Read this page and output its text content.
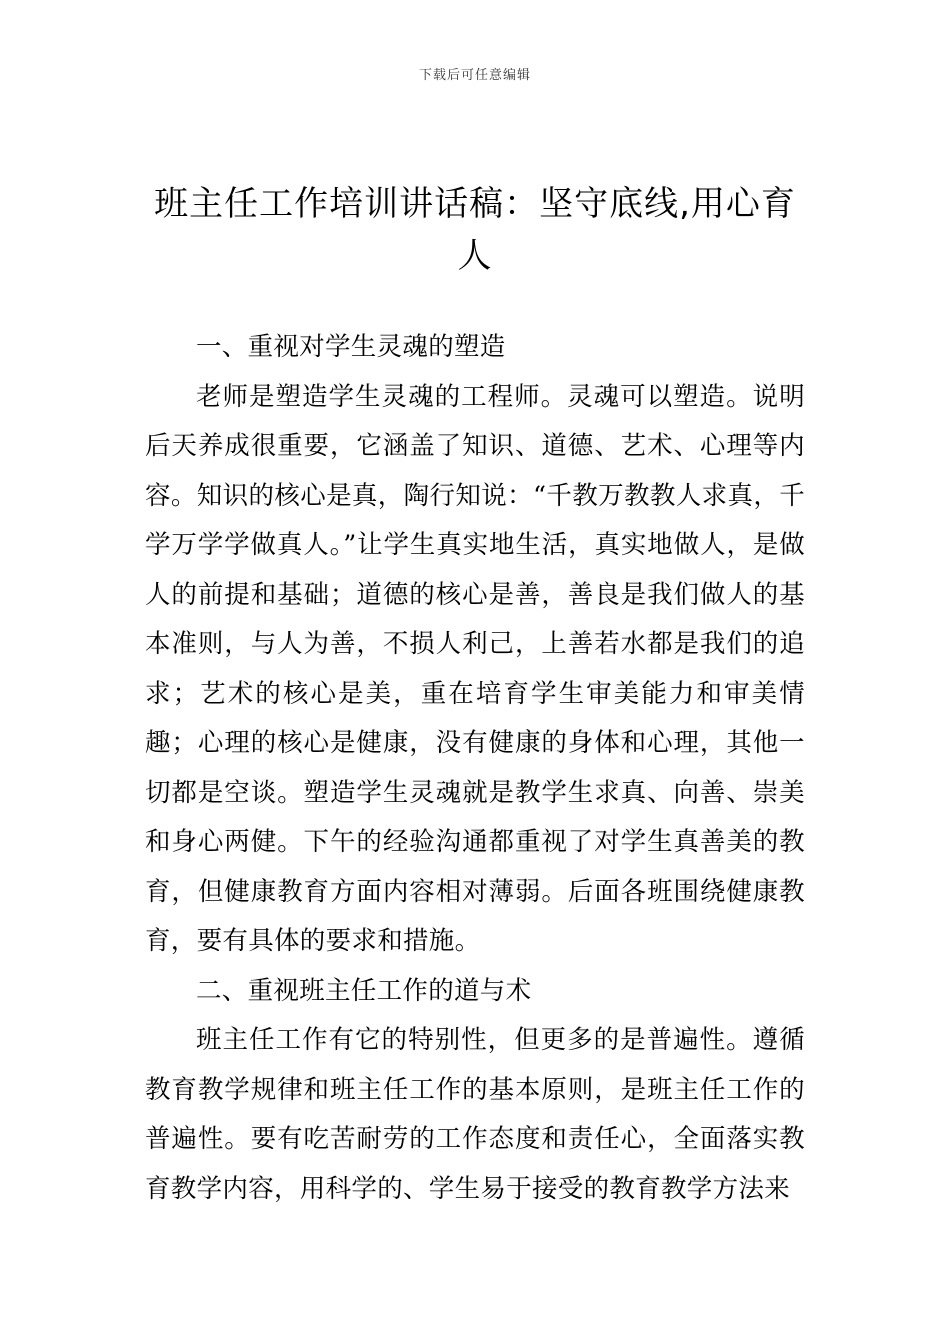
下载后可任意编辑
班主任工作培训讲话稿：坚守底线,用心育人

一、重视对学生灵魂的塑造

老师是塑造学生灵魂的工程师。灵魂可以塑造。说明后天养成很重要，它涵盖了知识、道德、艺术、心理等内容。知识的核心是真，陶行知说：“千教万教教人求真，千学万学学做真人。”让学生真实地生活，真实地做人，是做人的前提和基础；道德的核心是善，善良是我们做人的基本准则，与人为善，不损人利己，上善若水都是我们的追求；艺术的核心是美，重在培育学生审美能力和审美情趣；心理的核心是健康，没有健康的身体和心理，其他一切都是空谈。塑造学生灵魂就是教学生求真、向善、崇美和身心两健。下午的经验沟通都重视了对学生真善美的教育，但健康教育方面内容相对薄弱。后面各班围绕健康教育，要有具体的要求和措施。

二、重视班主任工作的道与术

班主任工作有它的特别性，但更多的是普遍性。遵循教育教学规律和班主任工作的基本原则，是班主任工作的普遍性。要有吃苦耐劳的工作态度和责任心，全面落实教育教学内容，用科学的、学生易于接受的教育教学方法来
